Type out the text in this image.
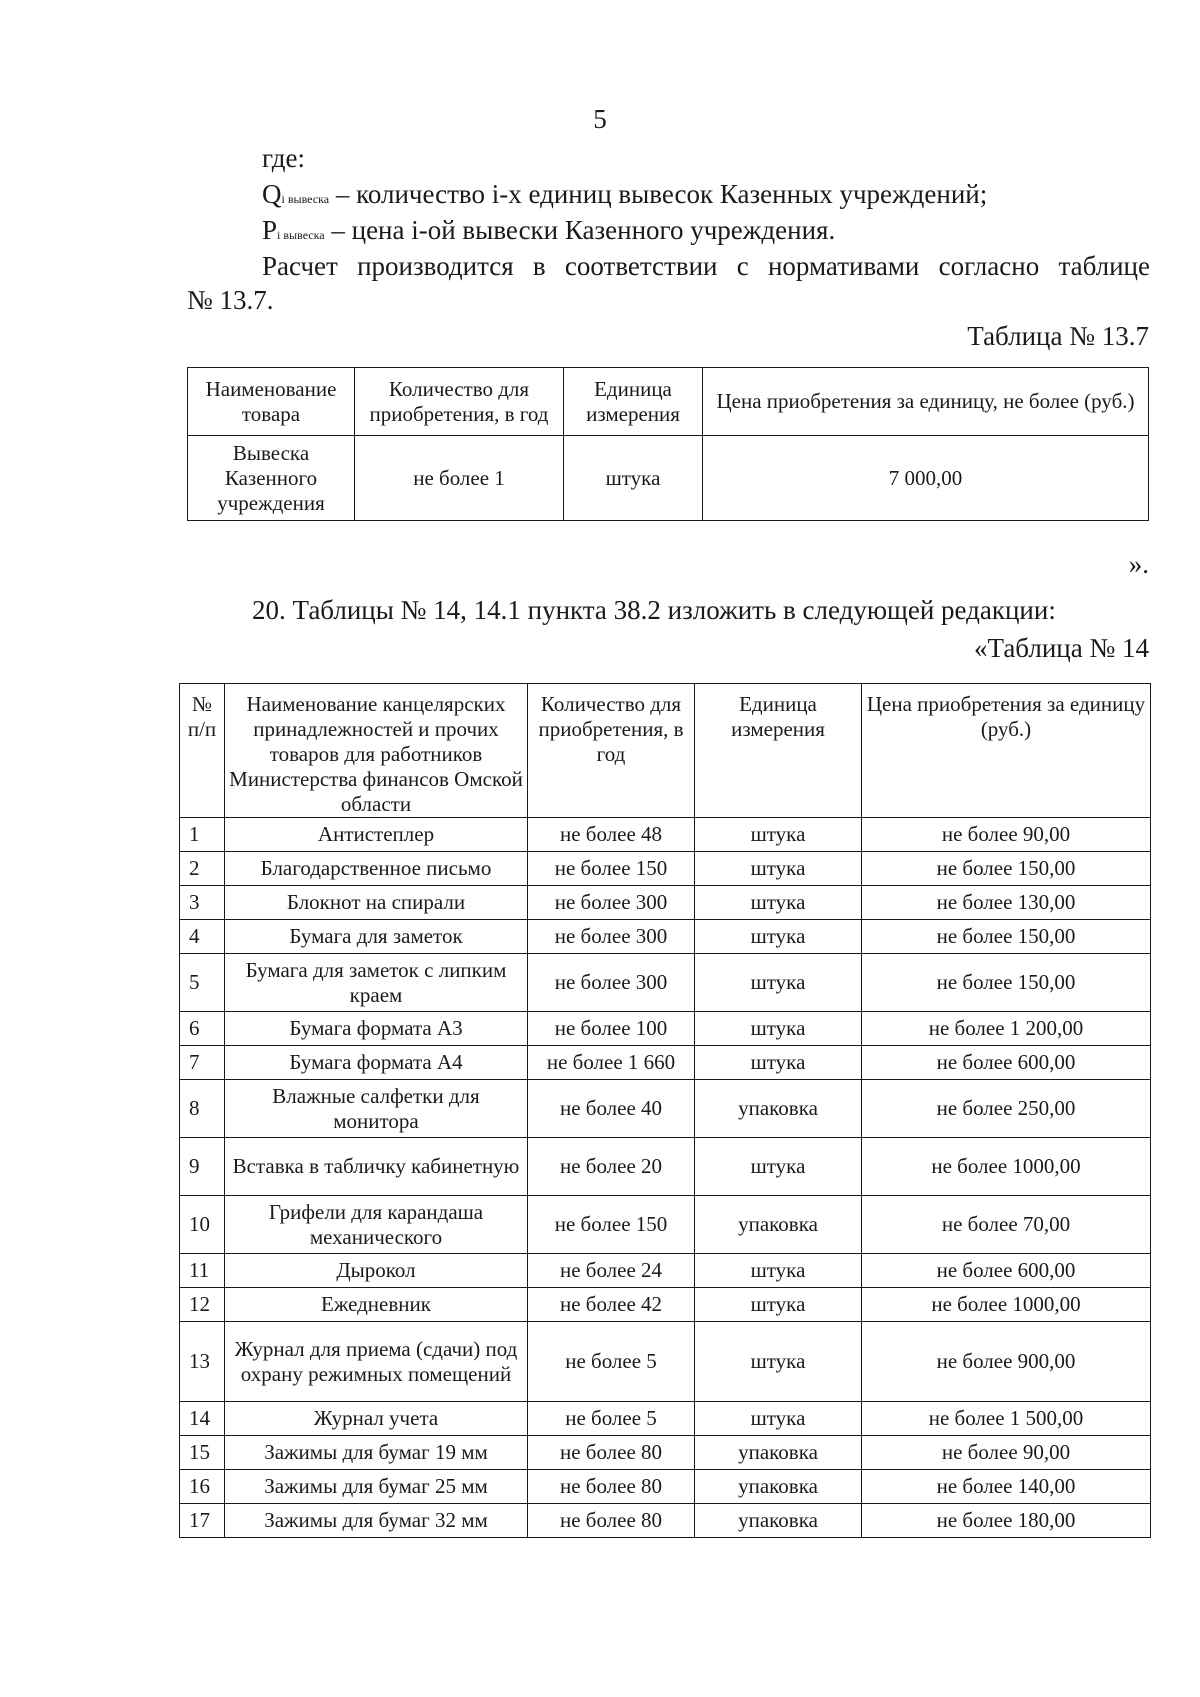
5
где:
Qi вывеска – количество i-х единиц вывесок Казенных учреждений;
Pi вывеска – цена i-ой вывески Казенного учреждения.
Расчет производится в соответствии с нормативами согласно таблице
№ 13.7.
Таблица № 13.7
Наименование товара	Количество для приобретения, в год	Единица измерения	Цена приобретения за единицу, не более (руб.)
Вывеска Казенного учреждения	не более 1	штука	7 000,00
».
20. Таблицы № 14, 14.1 пункта 38.2 изложить в следующей редакции:
«Таблица № 14
№ п/п	Наименование канцелярских принадлежностей и прочих товаров для работников Министерства финансов Омской области	Количество для приобретения, в год	Единица измерения	Цена приобретения за единицу (руб.)
1	Антистеплер	не более 48	штука	не более 90,00
2	Благодарственное письмо	не более 150	штука	не более 150,00
3	Блокнот на спирали	не более 300	штука	не более 130,00
4	Бумага для заметок	не более 300	штука	не более 150,00
5	Бумага для заметок с липким краем	не более 300	штука	не более 150,00
6	Бумага формата А3	не более 100	штука	не более 1 200,00
7	Бумага формата А4	не более 1 660	штука	не более 600,00
8	Влажные салфетки для монитора	не более 40	упаковка	не более 250,00
9	Вставка в табличку кабинетную	не более 20	штука	не более 1000,00
10	Грифели для карандаша механического	не более 150	упаковка	не более 70,00
11	Дырокол	не более 24	штука	не более 600,00
12	Ежедневник	не более 42	штука	не более 1000,00
13	Журнал для приема (сдачи) под охрану режимных помещений	не более 5	штука	не более 900,00
14	Журнал учета	не более 5	штука	не более 1 500,00
15	Зажимы для бумаг 19 мм	не более 80	упаковка	не более 90,00
16	Зажимы для бумаг 25 мм	не более 80	упаковка	не более 140,00
17	Зажимы для бумаг 32 мм	не более 80	упаковка	не более 180,00
